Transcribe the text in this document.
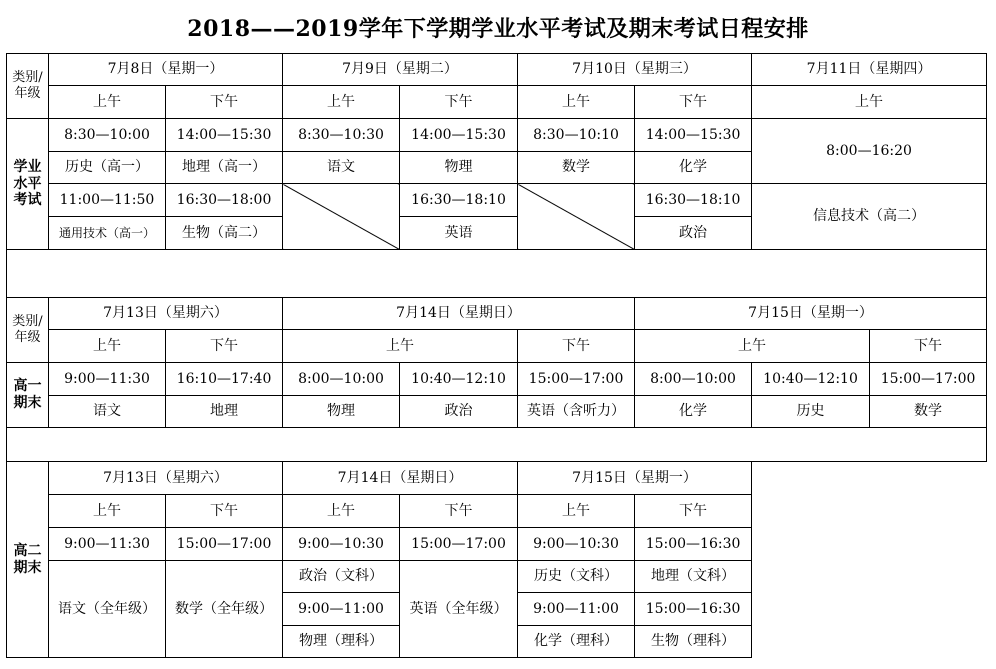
2018——2019学年下学期学业水平考试及期末考试日程安排
类别/年级	7月8日（星期一）		7月9日（星期二）		7月10日（星期三）		7月11日（星期四）
	上午	下午	上午	下午	上午	下午	上午
学业水平考试	8:30—10:00	14:00—15:30	8:30—10:30	14:00—15:30	8:30—10:10	14:00—15:30	8:00—16:20
	历史（高一）	地理（高一）	语文	物理	数学	化学	
	11:00—11:50	16:30—18:00		16:30—18:10		16:30—18:10	信息技术（高二）
	通用技术（高一）	生物（高二）		英语		政治	

类别/年级	7月13日（星期六）		7月14日（星期日）			7月15日（星期一）		
	上午	下午	上午		下午	上午		下午
高一期末	9:00—11:30	16:10—17:40	8:00—10:00	10:40—12:10	15:00—17:00	8:00—10:00	10:40—12:10	15:00—17:00
	语文	地理	物理	政治	英语（含听力）	化学	历史	数学

高二期末	7月13日（星期六）		7月14日（星期日）		7月15日（星期一）	
	上午	下午	上午	下午	上午	下午
	9:00—11:30	15:00—17:00	9:00—10:30	15:00—17:00	9:00—10:30	15:00—16:30
	语文（全年级）	数学（全年级）	政治（文科）	英语（全年级）	历史（文科）	地理（文科）
			9:00—11:00		9:00—11:00	15:00—16:30
			物理（理科）		化学（理科）	生物（理科）
